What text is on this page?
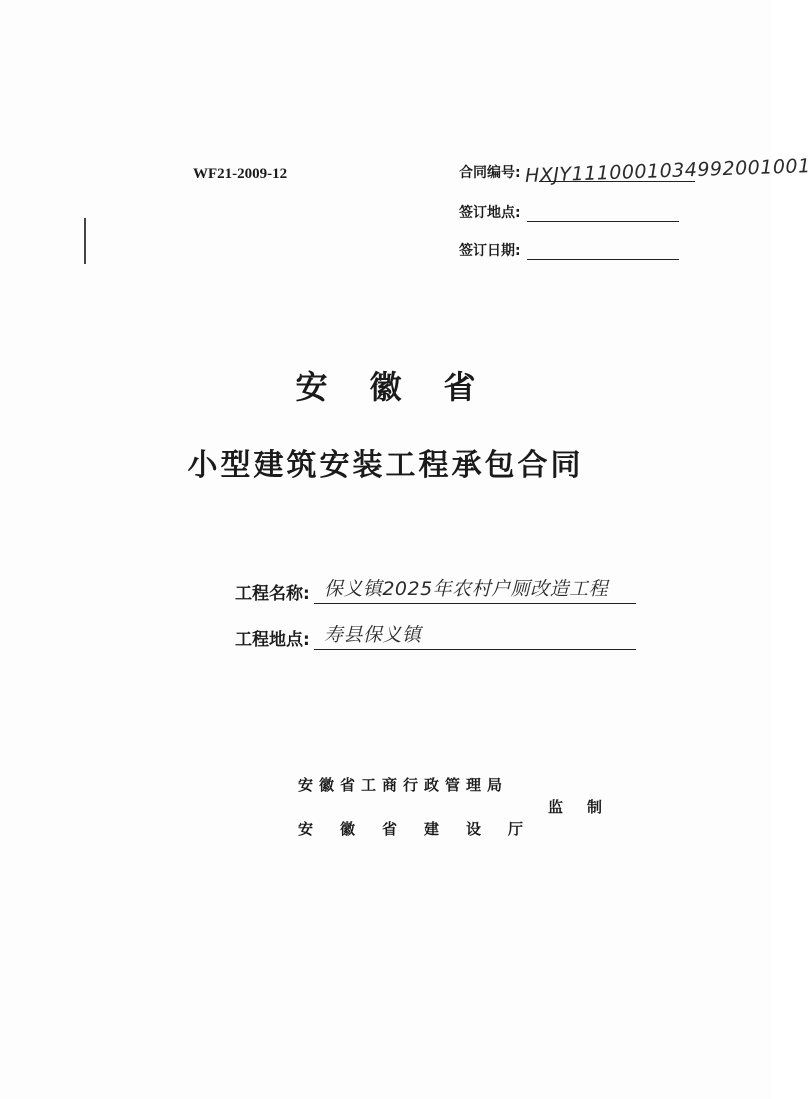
WF21-2009-12	合同编号: HXJY1110001034992001001
签订地点:
签订日期:
安徽省
小型建筑安装工程承包合同
工程名称: 保义镇2025年农村户厕改造工程
工程地点: 寿县保义镇
安徽省工商行政管理局
安徽省建设厅
监制
